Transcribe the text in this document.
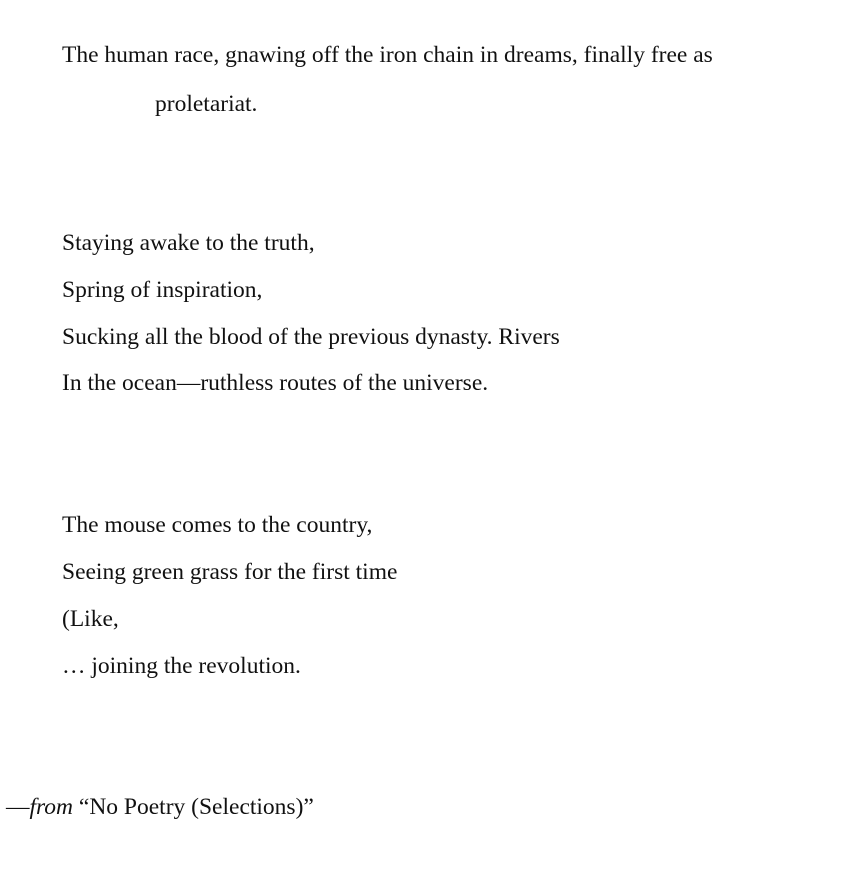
The human race, gnawing off the iron chain in dreams, finally free as
proletariat.
Staying awake to the truth,
Spring of inspiration,
Sucking all the blood of the previous dynasty. Rivers
In the ocean—ruthless routes of the universe.
The mouse comes to the country,
Seeing green grass for the first time
(Like,
… joining the revolution.
—from “No Poetry (Selections)”
